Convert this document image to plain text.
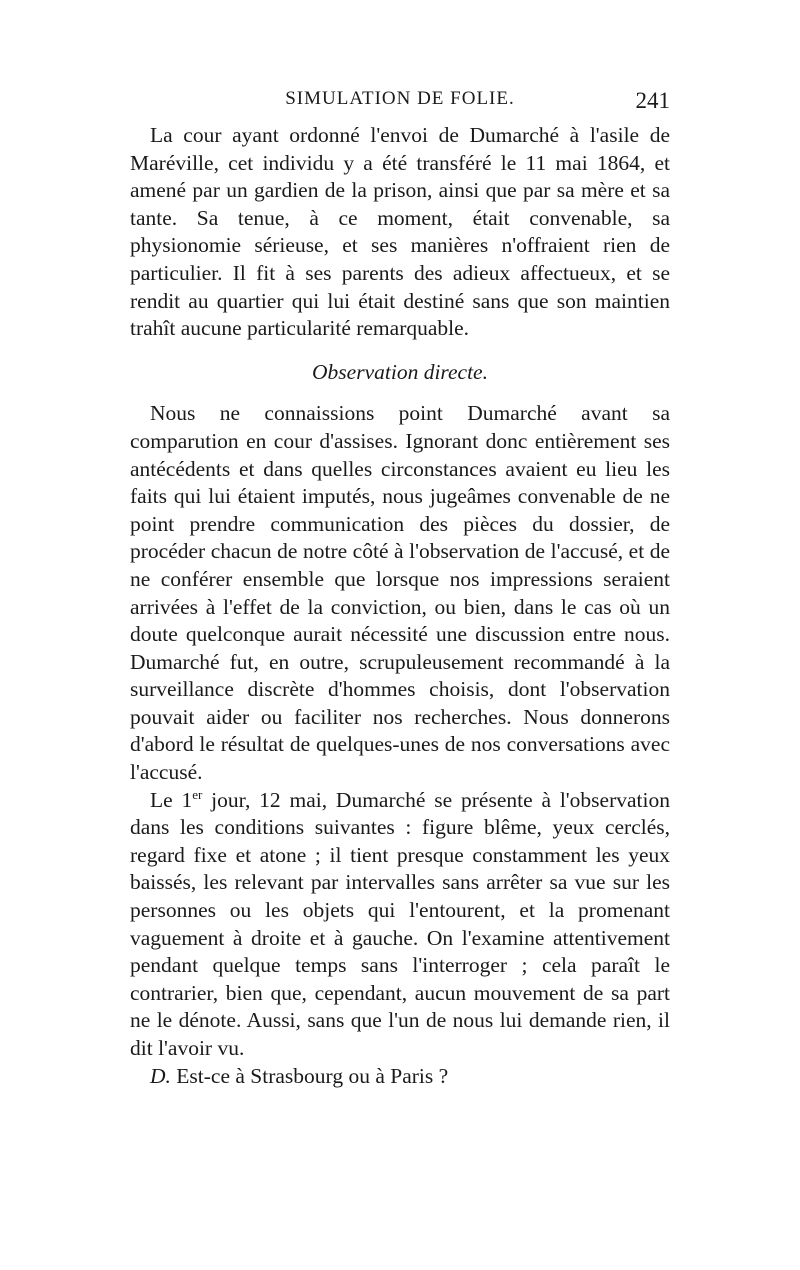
SIMULATION DE FOLIE.	241

La cour ayant ordonné l'envoi de Dumarché à l'asile de Maréville, cet individu y a été transféré le 11 mai 1864, et amené par un gardien de la prison, ainsi que par sa mère et sa tante. Sa tenue, à ce moment, était convenable, sa physionomie sérieuse, et ses manières n'offraient rien de particulier. Il fit à ses parents des adieux affectueux, et se rendit au quartier qui lui était destiné sans que son maintien trahît aucune particularité remarquable.

Observation directe.

Nous ne connaissions point Dumarché avant sa comparution en cour d'assises. Ignorant donc entièrement ses antécédents et dans quelles circonstances avaient eu lieu les faits qui lui étaient imputés, nous jugeâmes convenable de ne point prendre communication des pièces du dossier, de procéder chacun de notre côté à l'observation de l'accusé, et de ne conférer ensemble que lorsque nos impressions seraient arrivées à l'effet de la conviction, ou bien, dans le cas où un doute quelconque aurait nécessité une discussion entre nous. Dumarché fut, en outre, scrupuleusement recommandé à la surveillance discrète d'hommes choisis, dont l'observation pouvait aider ou faciliter nos recherches. Nous donnerons d'abord le résultat de quelques-unes de nos conversations avec l'accusé.

Le 1er jour, 12 mai, Dumarché se présente à l'observation dans les conditions suivantes : figure blême, yeux cerclés, regard fixe et atone ; il tient presque constamment les yeux baissés, les relevant par intervalles sans arrêter sa vue sur les personnes ou les objets qui l'entourent, et la promenant vaguement à droite et à gauche. On l'examine attentivement pendant quelque temps sans l'interroger ; cela paraît le contrarier, bien que, cependant, aucun mouvement de sa part ne le dénote. Aussi, sans que l'un de nous lui demande rien, il dit l'avoir vu.

D. Est-ce à Strasbourg ou à Paris ?
